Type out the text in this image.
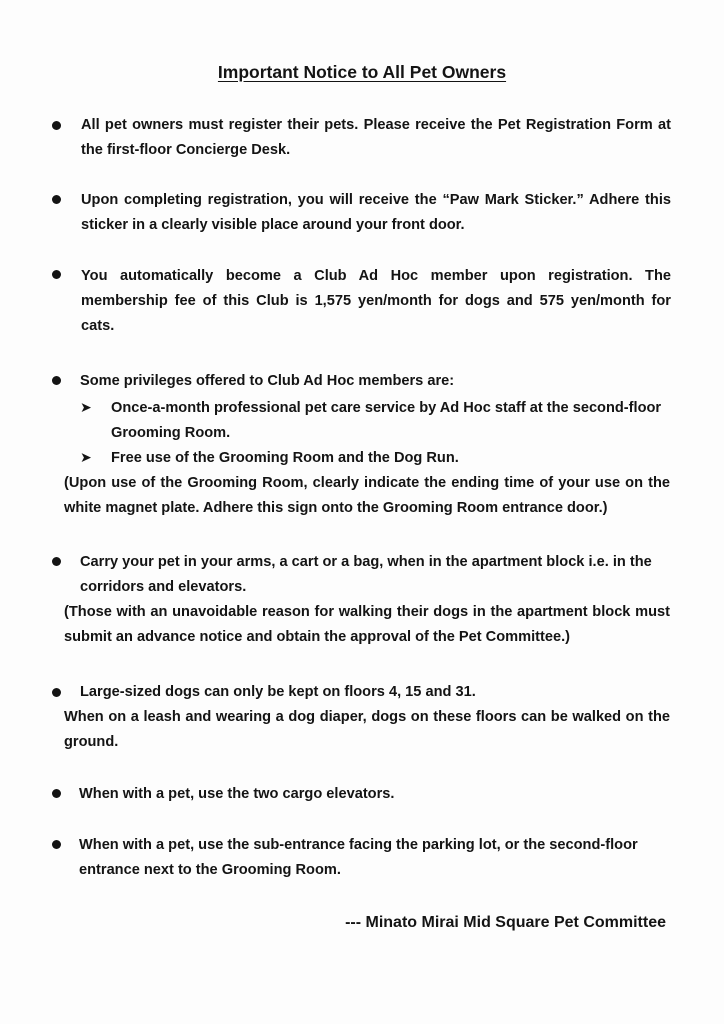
Important Notice to All Pet Owners
All pet owners must register their pets. Please receive the Pet Registration Form at the first-floor Concierge Desk.
Upon completing registration, you will receive the “Paw Mark Sticker.” Adhere this sticker in a clearly visible place around your front door.
You automatically become a Club Ad Hoc member upon registration. The membership fee of this Club is 1,575 yen/month for dogs and 575 yen/month for cats.
Some privileges offered to Club Ad Hoc members are:
➤ Once-a-month professional pet care service by Ad Hoc staff at the second-floor Grooming Room.
➤ Free use of the Grooming Room and the Dog Run.
(Upon use of the Grooming Room, clearly indicate the ending time of your use on the white magnet plate. Adhere this sign onto the Grooming Room entrance door.)
Carry your pet in your arms, a cart or a bag, when in the apartment block i.e. in the corridors and elevators.
(Those with an unavoidable reason for walking their dogs in the apartment block must submit an advance notice and obtain the approval of the Pet Committee.)
Large-sized dogs can only be kept on floors 4, 15 and 31.
When on a leash and wearing a dog diaper, dogs on these floors can be walked on the ground.
When with a pet, use the two cargo elevators.
When with a pet, use the sub-entrance facing the parking lot, or the second-floor entrance next to the Grooming Room.
--- Minato Mirai Mid Square Pet Committee
